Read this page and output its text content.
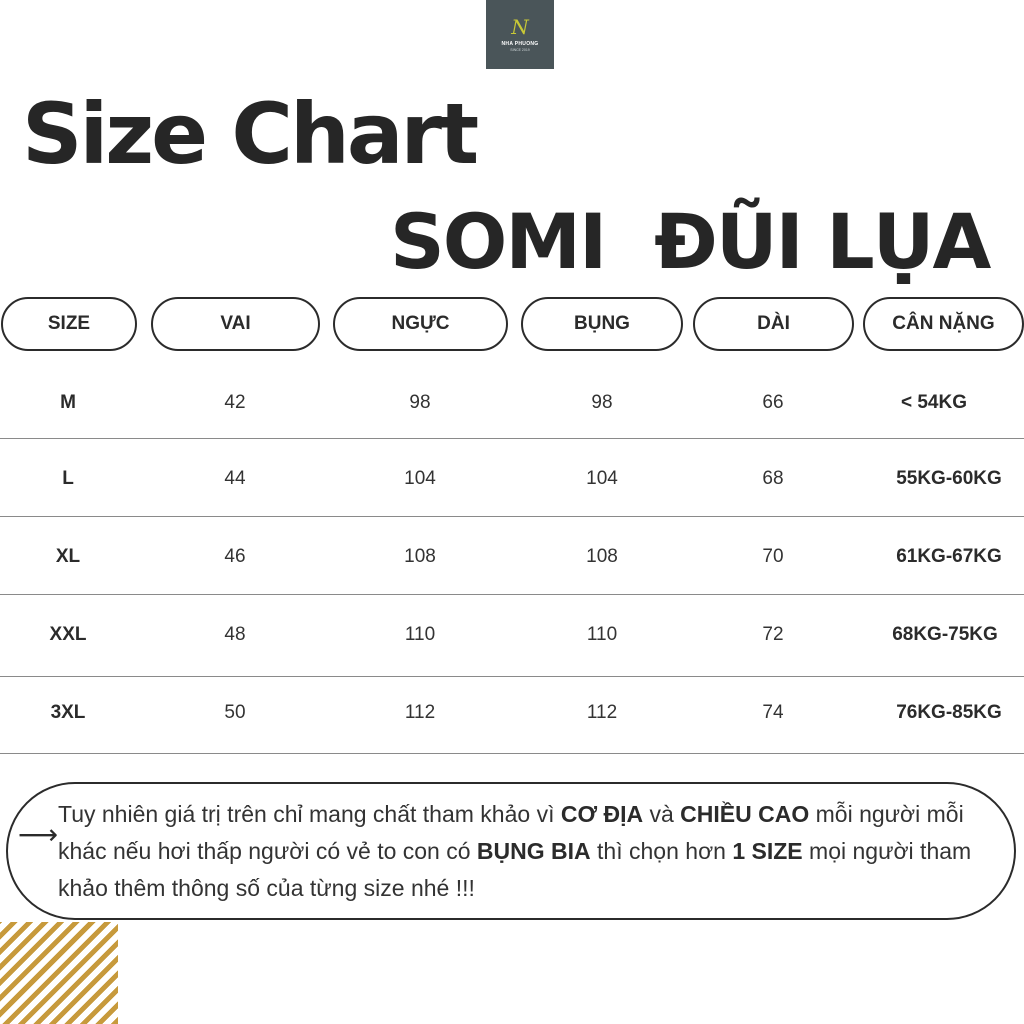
N
NHA PHUONG
SINCE 2019
Size Chart
SOMI  ĐŨI LỤA
SIZE	VAI	NGỰC	BỤNG	DÀI	CÂN NẶNG
M	42	98	98	66	< 54KG
L	44	104	104	68	55KG-60KG
XL	46	108	108	70	61KG-67KG
XXL	48	110	110	72	68KG-75KG
3XL	50	112	112	74	76KG-85KG
⟶
Tuy nhiên giá trị trên chỉ mang chất tham khảo vì CƠ ĐỊA và CHIỀU CAO mỗi người mỗi khác nếu hơi thấp người có vẻ to con có BỤNG BIA thì chọn hơn 1 SIZE mọi người tham khảo thêm thông số của từng size nhé !!!
